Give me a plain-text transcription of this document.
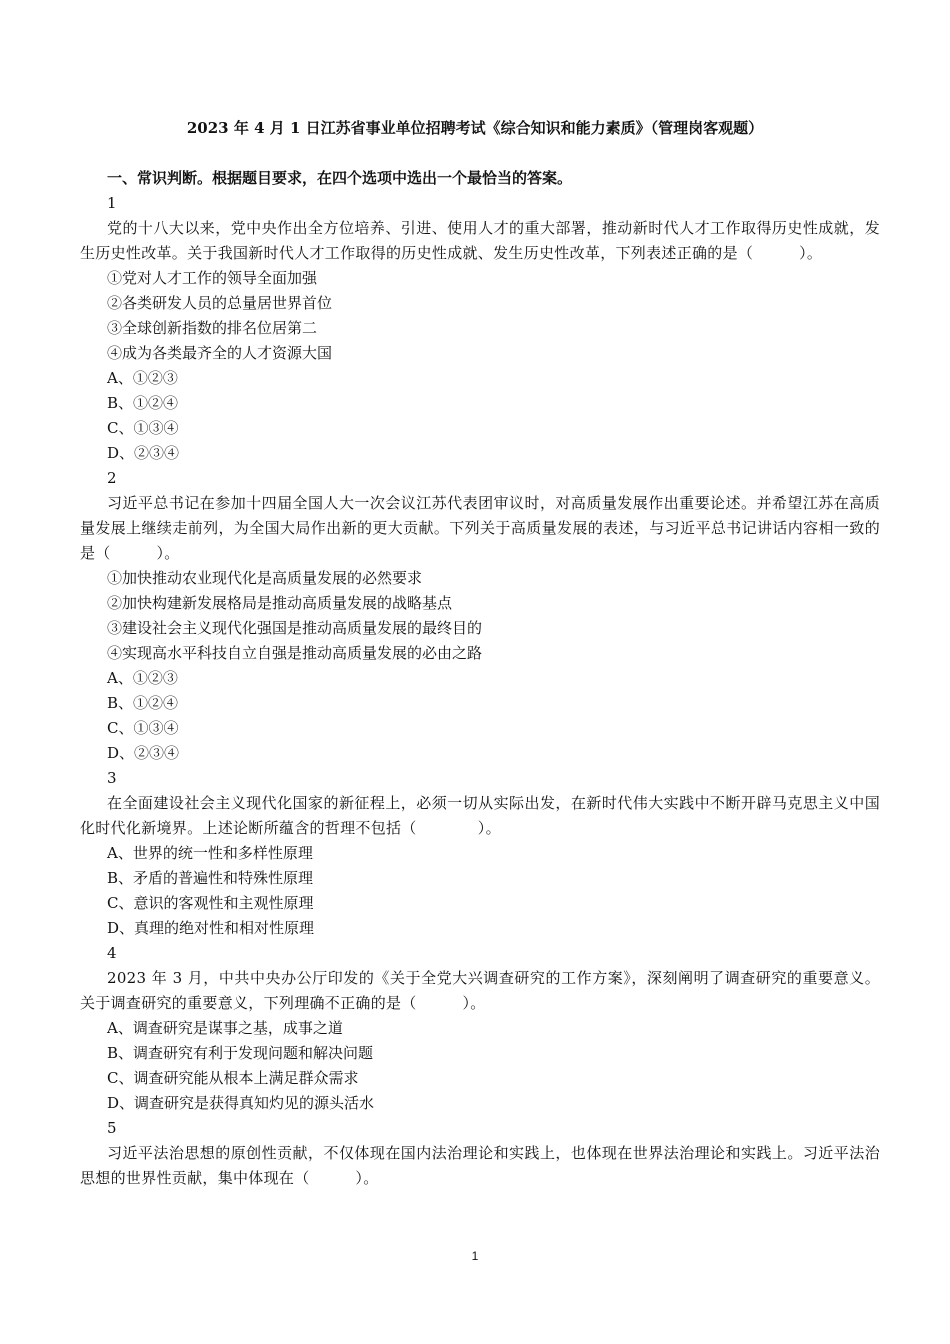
2023 年 4 月 1 日江苏省事业单位招聘考试《综合知识和能力素质》（管理岗客观题）
一、常识判断。根据题目要求，在四个选项中选出一个最恰当的答案。
1
党的十八大以来，党中央作出全方位培养、引进、使用人才的重大部署，推动新时代人才工作取得历史性成就，发生历史性改革。关于我国新时代人才工作取得的历史性成就、发生历史性改革，下列表述正确的是（　　　）。
①党对人才工作的领导全面加强
②各类研发人员的总量居世界首位
③全球创新指数的排名位居第二
④成为各类最齐全的人才资源大国
A、①②③
B、①②④
C、①③④
D、②③④
2
习近平总书记在参加十四届全国人大一次会议江苏代表团审议时，对高质量发展作出重要论述。并希望江苏在高质量发展上继续走前列，为全国大局作出新的更大贡献。下列关于高质量发展的表述，与习近平总书记讲话内容相一致的是（　　　）。
①加快推动农业现代化是高质量发展的必然要求
②加快构建新发展格局是推动高质量发展的战略基点
③建设社会主义现代化强国是推动高质量发展的最终目的
④实现高水平科技自立自强是推动高质量发展的必由之路
A、①②③
B、①②④
C、①③④
D、②③④
3
在全面建设社会主义现代化国家的新征程上，必须一切从实际出发，在新时代伟大实践中不断开辟马克思主义中国化时代化新境界。上述论断所蕴含的哲理不包括（　　　　）。
A、世界的统一性和多样性原理
B、矛盾的普遍性和特殊性原理
C、意识的客观性和主观性原理
D、真理的绝对性和相对性原理
4
2023 年 3 月，中共中央办公厅印发的《关于全党大兴调查研究的工作方案》，深刻阐明了调查研究的重要意义。关于调查研究的重要意义，下列理确不正确的是（　　　）。
A、调查研究是谋事之基，成事之道
B、调查研究有利于发现问题和解决问题
C、调查研究能从根本上满足群众需求
D、调查研究是获得真知灼见的源头活水
5
习近平法治思想的原创性贡献，不仅体现在国内法治理论和实践上，也体现在世界法治理论和实践上。习近平法治思想的世界性贡献，集中体现在（　　　）。
1
